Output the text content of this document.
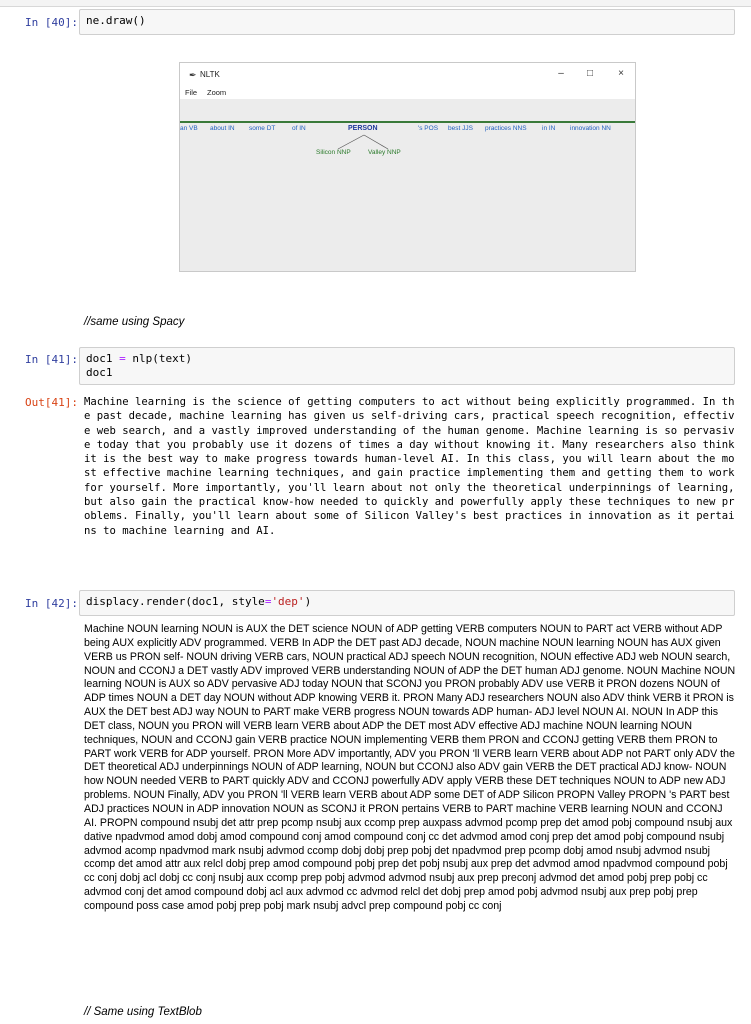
In [40]: ne.draw()
✒ NLTK	–	□	×
File Zoom
an VB about IN some DT	of IN	PERSON	's POS best JJS practices NNS in IN innovation NN
Silicon NNP	Valley NNP
//same using Spacy
In [41]: doc1 = nlp(text)
doc1
Out[41]: Machine learning is the science of getting computers to act without being explicitly programmed. In the past decade, machine learning has given us self-driving cars, practical speech recognition, effective web search, and a vastly improved understanding of the human genome. Machine learning is so pervasive today that you probably use it dozens of times a day without knowing it. Many researchers also think it is the best way to make progress towards human-level AI. In this class, you will learn about the most effective machine learning techniques, and gain practice implementing them and getting them to work for yourself. More importantly, you'll learn about not only the theoretical underpinnings of learning, but also gain the practical know-how needed to quickly and powerfully apply these techniques to new problems. Finally, you'll learn about some of Silicon Valley's best practices in innovation as it pertains to machine learning and AI.
In [42]: displacy.render(doc1, style='dep')
Machine NOUN learning NOUN is AUX the DET science NOUN of ADP getting VERB computers NOUN to PART act VERB without ADP being AUX explicitly ADV programmed. VERB In ADP the DET past ADJ decade, NOUN machine NOUN learning NOUN has AUX given VERB us PRON self- NOUN driving VERB cars, NOUN practical ADJ speech NOUN recognition, NOUN effective ADJ web NOUN search, NOUN and CCONJ a DET vastly ADV improved VERB understanding NOUN of ADP the DET human ADJ genome. NOUN Machine NOUN learning NOUN is AUX so ADV pervasive ADJ today NOUN that SCONJ you PRON probably ADV use VERB it PRON dozens NOUN of ADP times NOUN a DET day NOUN without ADP knowing VERB it. PRON Many ADJ researchers NOUN also ADV think VERB it PRON is AUX the DET best ADJ way NOUN to PART make VERB progress NOUN towards ADP human- ADJ level NOUN AI. NOUN In ADP this DET class, NOUN you PRON will VERB learn VERB about ADP the DET most ADV effective ADJ machine NOUN learning NOUN techniques, NOUN and CCONJ gain VERB practice NOUN implementing VERB them PRON and CCONJ getting VERB them PRON to PART work VERB for ADP yourself. PRON More ADV importantly, ADV you PRON 'll VERB learn VERB about ADP not PART only ADV the DET theoretical ADJ underpinnings NOUN of ADP learning, NOUN but CCONJ also ADV gain VERB the DET practical ADJ know- NOUN how NOUN needed VERB to PART quickly ADV and CCONJ powerfully ADV apply VERB these DET techniques NOUN to ADP new ADJ problems. NOUN Finally, ADV you PRON 'll VERB learn VERB about ADP some DET of ADP Silicon PROPN Valley PROPN 's PART best ADJ practices NOUN in ADP innovation NOUN as SCONJ it PRON pertains VERB to PART machine VERB learning NOUN and CCONJ AI. PROPN compound nsubj det attr prep pcomp nsubj aux ccomp prep auxpass advmod pcomp prep det amod pobj compound nsubj aux dative npadvmod amod dobj amod compound conj amod compound conj cc det advmod amod conj prep det amod pobj compound nsubj advmod acomp npadvmod mark nsubj advmod ccomp dobj dobj prep pobj det npadvmod prep pcomp dobj amod nsubj advmod nsubj ccomp det amod attr aux relcl dobj prep amod compound pobj prep det pobj nsubj aux prep det advmod amod npadvmod compound pobj cc conj dobj acl dobj cc conj nsubj aux ccomp prep pobj advmod advmod nsubj aux prep preconj advmod det amod pobj prep pobj cc advmod conj det amod compound dobj acl aux advmod cc advmod relcl det dobj prep amod pobj advmod nsubj aux prep pobj prep compound poss case amod pobj prep pobj mark nsubj advcl prep compound pobj cc conj
// Same using TextBlob
